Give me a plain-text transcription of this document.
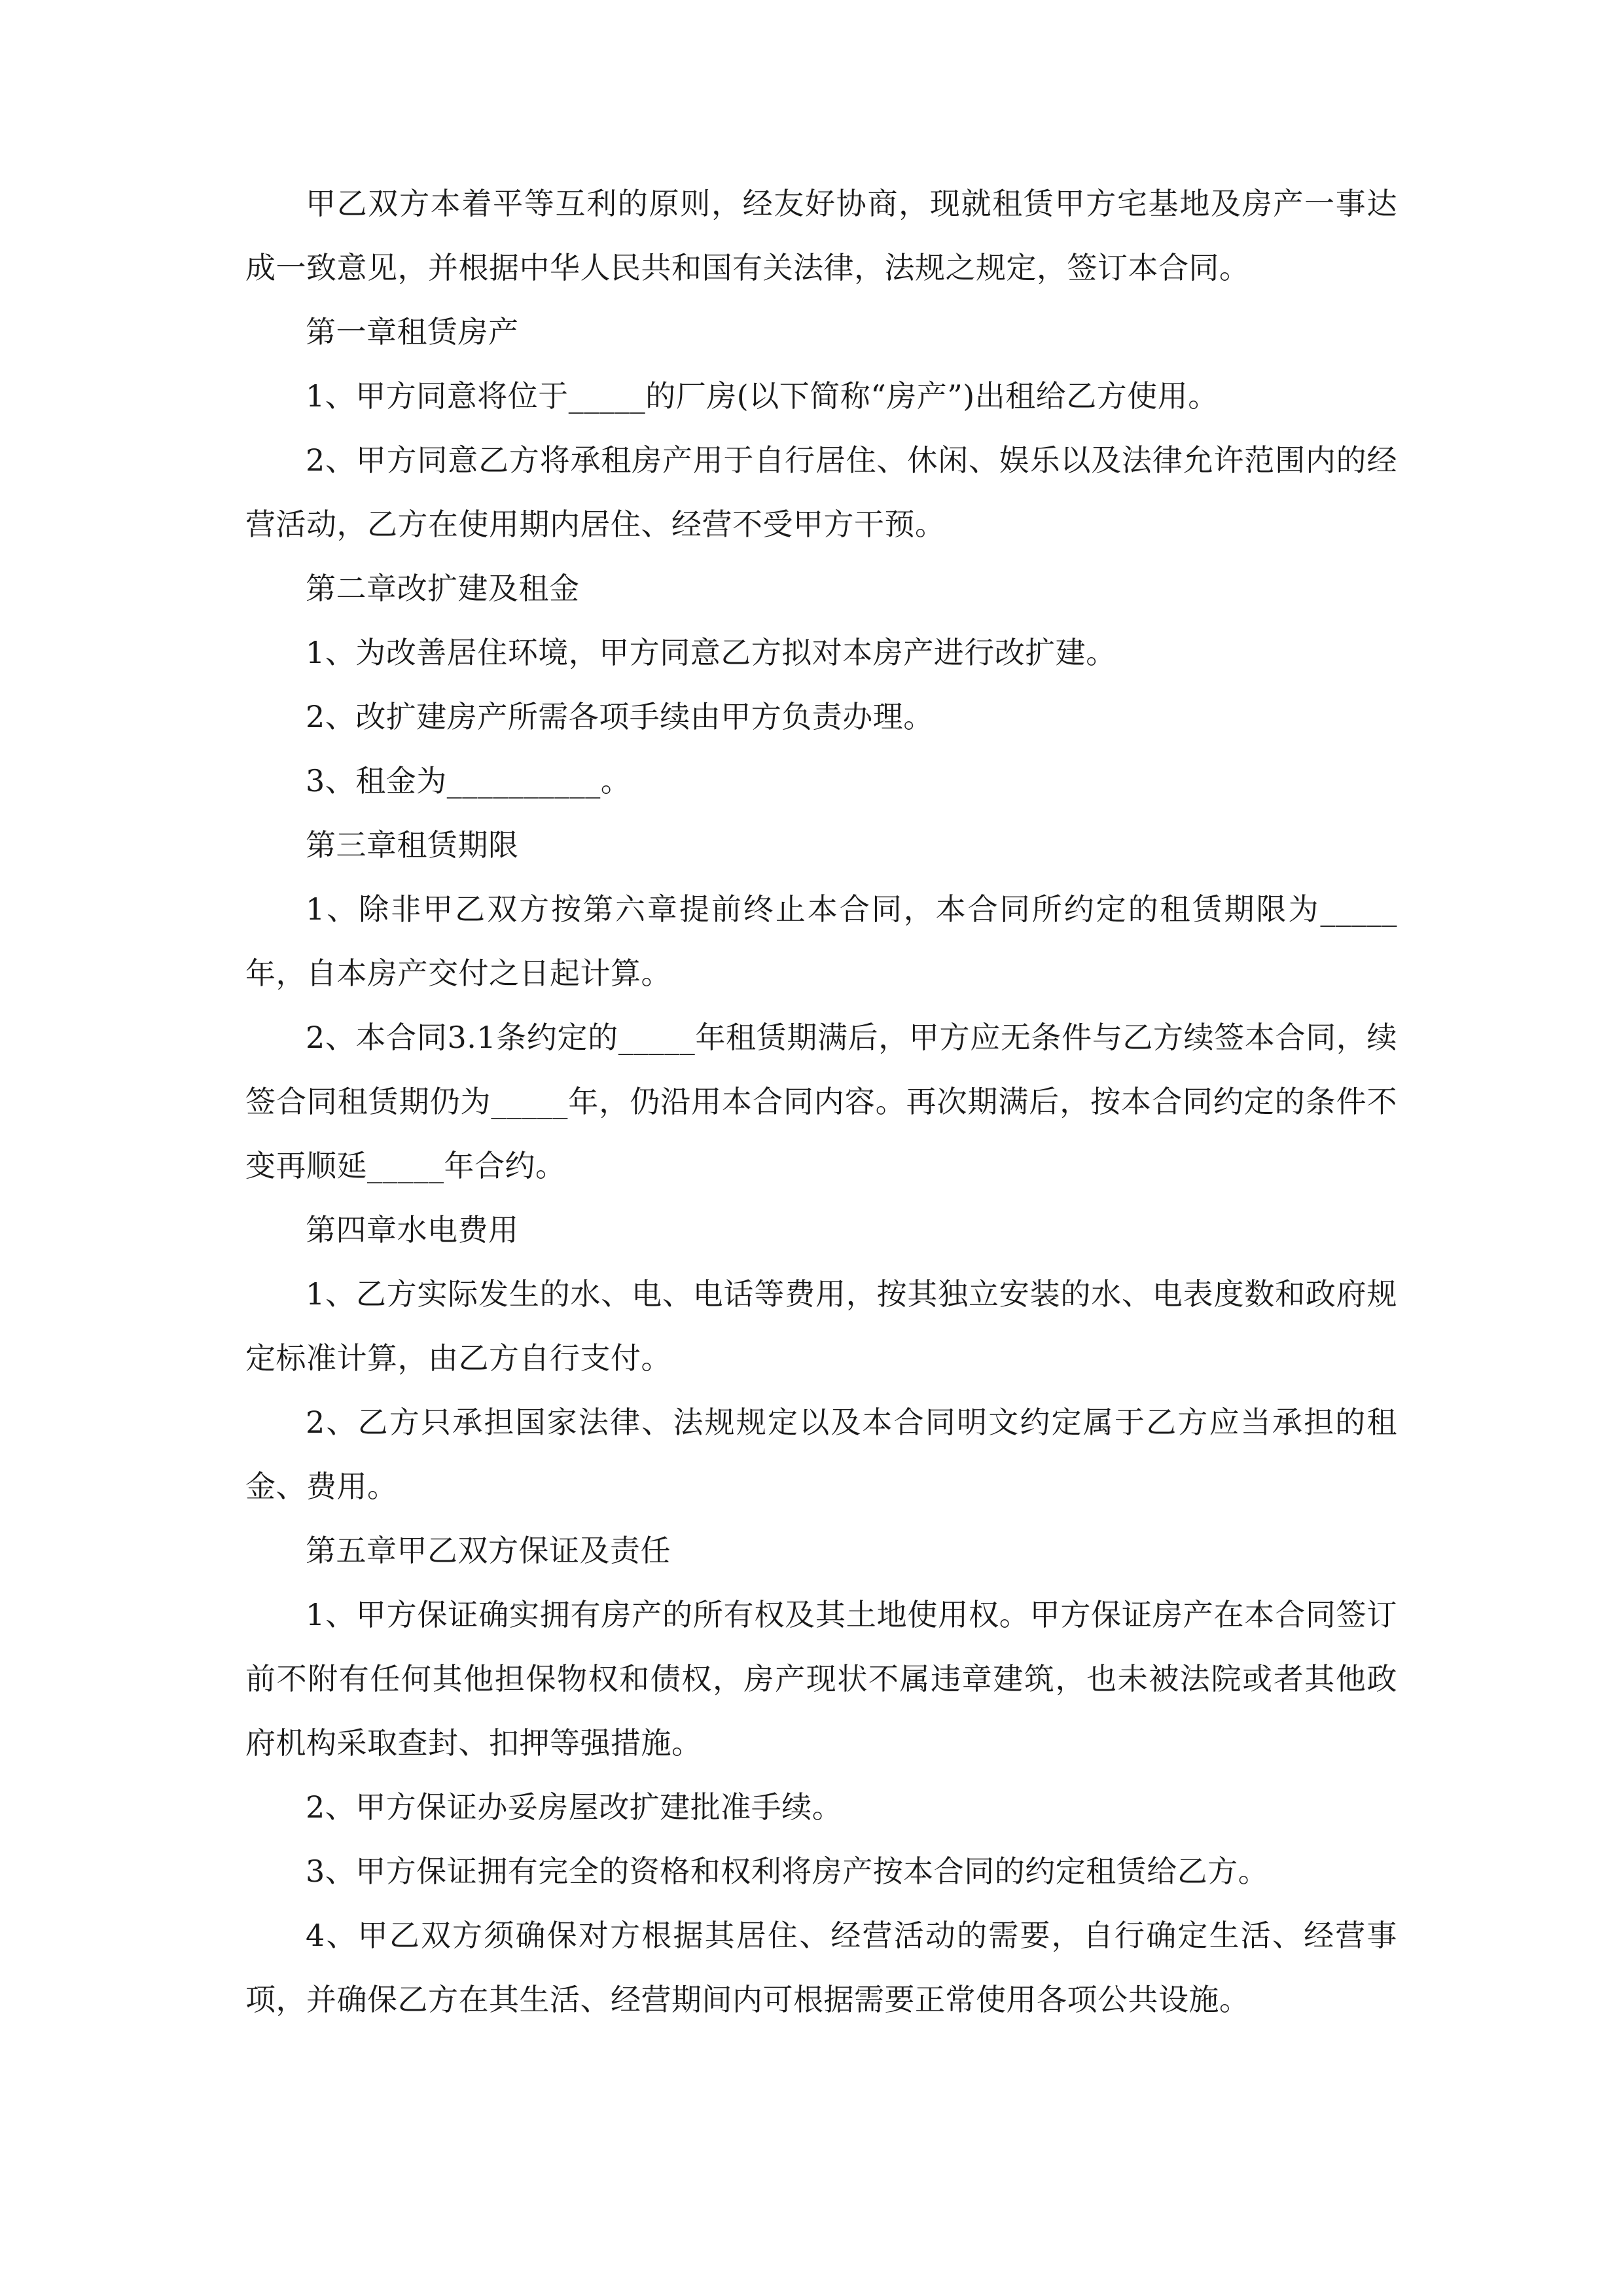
甲乙双方本着平等互利的原则，经友好协商，现就租赁甲方宅基地及房产一事达成一致意见，并根据中华人民共和国有关法律，法规之规定，签订本合同。

第一章租赁房产

1、甲方同意将位于_____的厂房(以下简称“房产”)出租给乙方使用。

2、甲方同意乙方将承租房产用于自行居住、休闲、娱乐以及法律允许范围内的经营活动，乙方在使用期内居住、经营不受甲方干预。

第二章改扩建及租金

1、为改善居住环境，甲方同意乙方拟对本房产进行改扩建。

2、改扩建房产所需各项手续由甲方负责办理。

3、租金为__________。

第三章租赁期限

1、除非甲乙双方按第六章提前终止本合同，本合同所约定的租赁期限为_____年，自本房产交付之日起计算。

2、本合同3.1条约定的_____年租赁期满后，甲方应无条件与乙方续签本合同，续签合同租赁期仍为_____年，仍沿用本合同内容。再次期满后，按本合同约定的条件不变再顺延_____年合约。

第四章水电费用

1、乙方实际发生的水、电、电话等费用，按其独立安装的水、电表度数和政府规定标准计算，由乙方自行支付。

2、乙方只承担国家法律、法规规定以及本合同明文约定属于乙方应当承担的租金、费用。

第五章甲乙双方保证及责任

1、甲方保证确实拥有房产的所有权及其土地使用权。甲方保证房产在本合同签订前不附有任何其他担保物权和债权，房产现状不属违章建筑，也未被法院或者其他政府机构采取查封、扣押等强措施。

2、甲方保证办妥房屋改扩建批准手续。

3、甲方保证拥有完全的资格和权利将房产按本合同的约定租赁给乙方。

4、甲乙双方须确保对方根据其居住、经营活动的需要，自行确定生活、经营事项，并确保乙方在其生活、经营期间内可根据需要正常使用各项公共设施。
